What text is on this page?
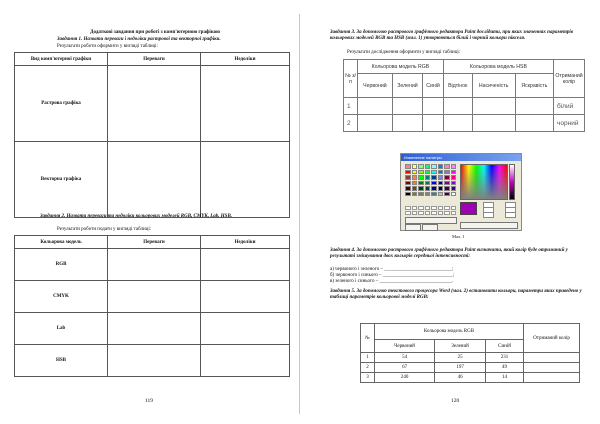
Додаткові завдання при роботі з комп'ютерною графікою
Завдання 1. Назвати переваги і недоліки растрової та векторної графіки.
Результати роботи оформити у вигляді таблиці:
Вид комп'ютерної графіки	Переваги	Недоліки
Растрова графіка		
Векторна графіка		
Завдання 2. Назвати переваги та недоліки кольорових моделей RGB, CMYK, Lab, HSB.
Результати роботи подати у вигляді таблиці:
Кольорова модель	Переваги	Недоліки
RGB		
CMYK		
Lab		
HSB		
119
Завдання 3. За допомогою растрового графічного редактора Paint дослідити, при яких значеннях параметрів кольорових моделей RGB та HSB (мал. 1) утворюються білий і чорний кольори пікселя.
Результати дослідження оформити у вигляді таблиці:
№ з/п	Кольорова модель RGB			Кольорова модель HSB			Отриманий колір
	Червоний	Зелений	Синій	Відтінок	Насиченість	Яскравість	
1							білий
2							чорний
Изменение палитры
Мал. 1
Завдання 4. За допомогою растрового графічного редактора Paint визначити, який колір буде отриманий у результаті змішування двох кольорів середньої інтенсивності:
а) червоного і зеленого – ___________________________;
б) червоного і синього – ____________________________;
в) зеленого і синього – _____________________________.
Завдання 5. За допомогою текстового процесора Word (мал. 2) встановити кольори, параметри яких приведено у таблиці параметрів кольорової моделі RGB:
№	Кольорова модель RGB			Отриманий колір
	Червоний	Зелений	Синій	
1	54	25	231	
2	67	197	49	
3	240	46	14	
120
